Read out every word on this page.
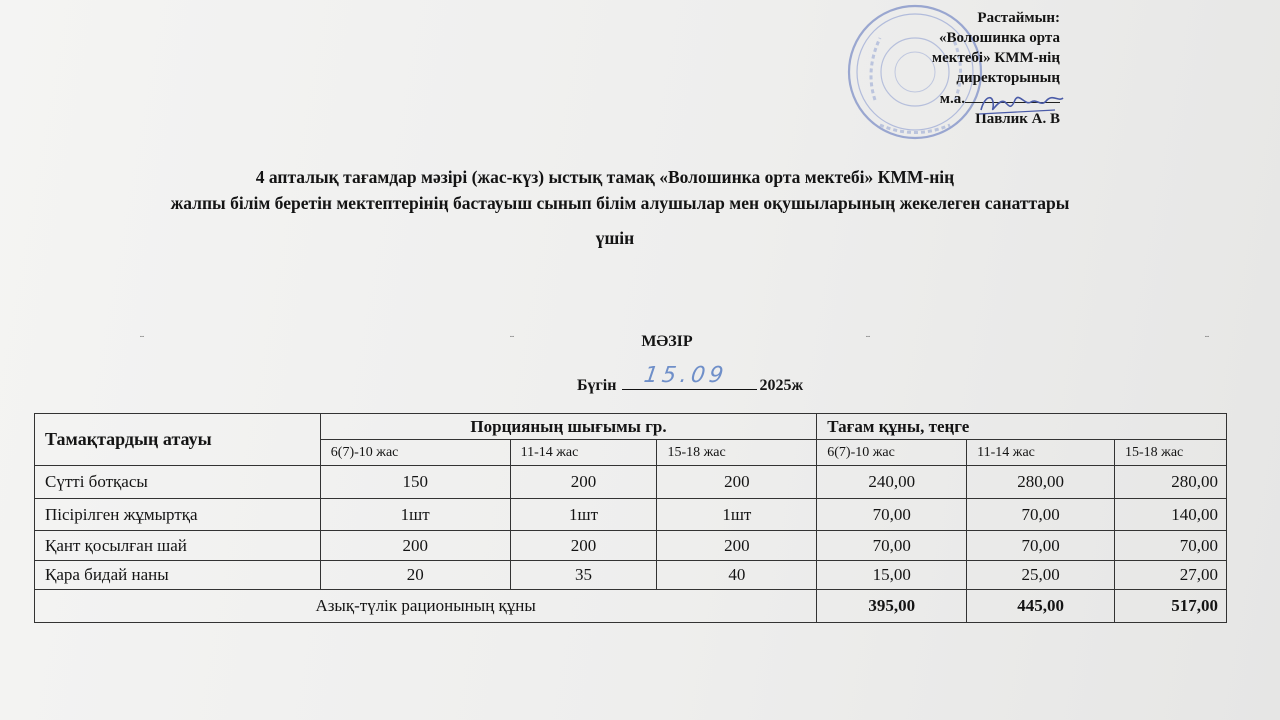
Растаймын:
«Волошинка орта
мектебі» КММ-нің
директорының
м.а.
Павлик А. В
4 апталық тағамдар мәзірі (жас-күз) ыстық тамақ «Волошинка орта мектебі» КММ-нің
жалпы білім беретін мектептерінің бастауыш сынып білім алушылар мен оқушыларының жекелеген санаттары
үшін
¨	¨	¨	¨
МӘЗІР
Бүгін 15.09 2025ж
Тамақтардың атауы	Порцияның шығымы гр.			Тағам құны, теңге		
	6(7)-10 жас	11-14 жас	15-18 жас	6(7)-10 жас	11-14 жас	15-18 жас
Сүтті ботқасы	150	200	200	240,00	280,00	280,00
Пісірілген жұмыртқа	1шт	1шт	1шт	70,00	70,00	140,00
Қант қосылған шай	200	200	200	70,00	70,00	70,00
Қара бидай наны	20	35	40	15,00	25,00	27,00
Азық-түлік рационының құны				395,00	445,00	517,00
